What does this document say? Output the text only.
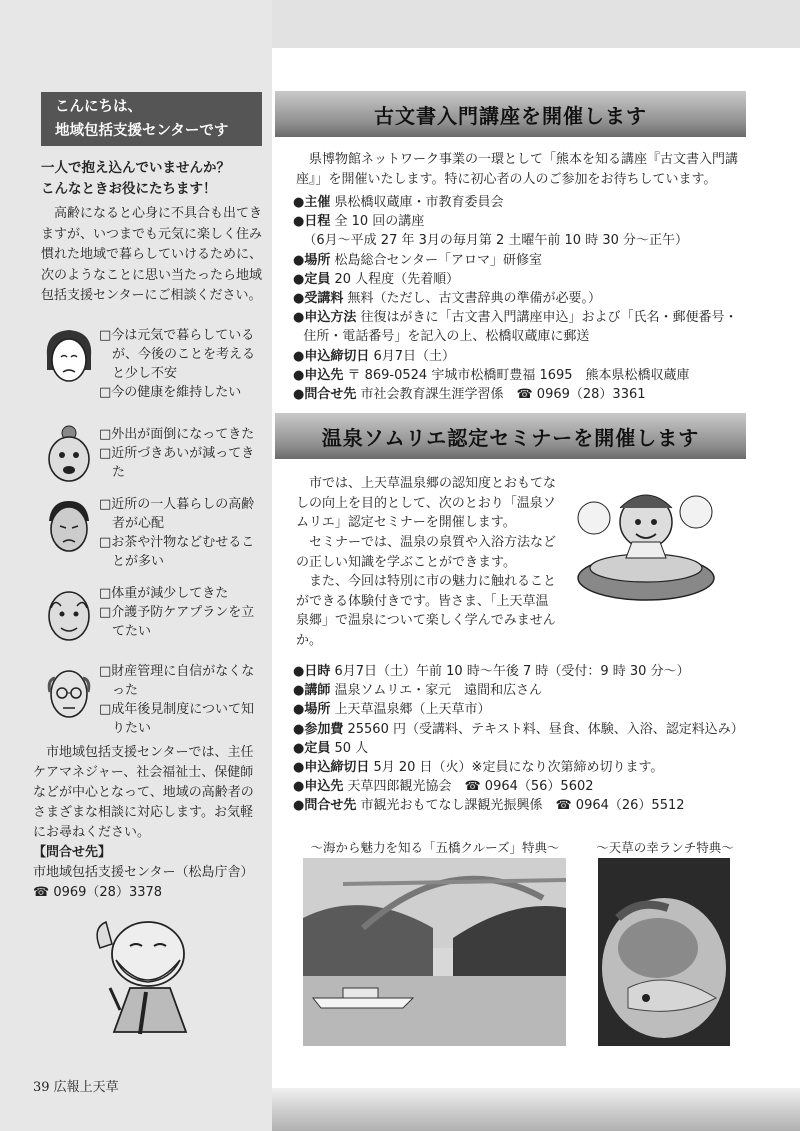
こんにちは、
地域包括支援センターです
一人で抱え込んでいませんか？
こんなときお役にたちます！
高齢になると心身に不具合も出てきますが、いつまでも元気に楽しく住み慣れた地域で暮らしていけるために、次のようなことに思い当たったら地域包括支援センターにご相談ください。
□今は元気で暮らしているが、今後のことを考えると少し不安
□今の健康を維持したい
□外出が面倒になってきた
□近所づきあいが減ってきた
□近所の一人暮らしの高齢者が心配
□お茶や汁物などむせることが多い
□体重が減少してきた
□介護予防ケアプランを立てたい
□財産管理に自信がなくなった
□成年後見制度について知りたい
市地域包括支援センターでは、主任ケアマネジャー、社会福祉士、保健師などが中心となって、地域の高齢者のさまざまな相談に対応します。お気軽にお尋ねください。
【問合せ先】
市地域包括支援センター（松島庁舎）
☎ 0969（28）3378
39 広報上天草
古文書入門講座を開催します
県博物館ネットワーク事業の一環として「熊本を知る講座『古文書入門講座』」を開催いたします。特に初心者の人のご参加をお待ちしています。
●主催 県松橋収蔵庫・市教育委員会
●日程 全 10 回の講座
（6月～平成 27 年 3月の毎月第 2 土曜午前 10 時 30 分～正午）
●場所 松島総合センター「アロマ」研修室
●定員 20 人程度（先着順）
●受講料 無料（ただし、古文書辞典の準備が必要。）
●申込方法 往復はがきに「古文書入門講座申込」および「氏名・郵便番号・
住所・電話番号」を記入の上、松橋収蔵庫に郵送
●申込締切日 6月7日（土）
●申込先 〒 869-0524 宇城市松橋町豊福 1695　熊本県松橋収蔵庫
●問合せ先 市社会教育課生涯学習係　☎ 0969（28）3361
温泉ソムリエ認定セミナーを開催します
市では、上天草温泉郷の認知度とおもてなしの向上を目的として、次のとおり「温泉ソムリエ」認定セミナーを開催します。
セミナーでは、温泉の泉質や入浴方法などの正しい知識を学ぶことができます。
また、今回は特別に市の魅力に触れることができる体験付きです。皆さま、「上天草温泉郷」で温泉について楽しく学んでみませんか。
●日時 6月7日（土）午前 10 時～午後 7 時（受付：9 時 30 分～）
●講師 温泉ソムリエ・家元　遠間和広さん
●場所 上天草温泉郷（上天草市）
●参加費 25560 円（受講料、テキスト料、昼食、体験、入浴、認定料込み）
●定員 50 人
●申込締切日 5月 20 日（火）※定員になり次第締め切ります。
●申込先 天草四郎観光協会　☎ 0964（56）5602
●問合せ先 市観光おもてなし課観光振興係　☎ 0964（26）5512
～海から魅力を知る「五橋クルーズ」特典～	～天草の幸ランチ特典～
